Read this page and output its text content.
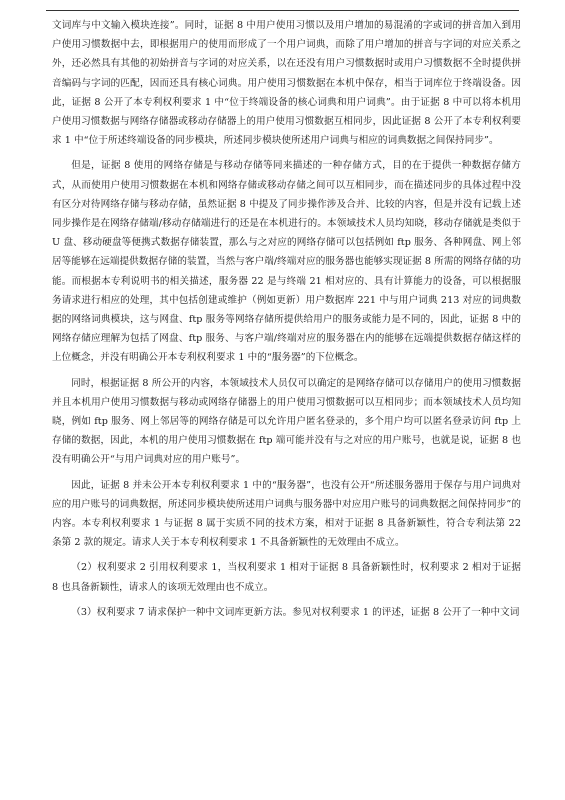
文词库与中文输入模块连接”。同时，证据 8 中用户使用习惯以及用户增加的易混淆的字或词的拼音加入到用户使用习惯数据中去，即根据用户的使用而形成了一个用户词典，而除了用户增加的拼音与字词的对应关系之外，还必然具有其他的初始拼音与字词的对应关系，以在还没有用户习惯数据时或用户习惯数据不全时提供拼音编码与字词的匹配，因而还具有核心词典。用户使用习惯数据在本机中保存，相当于词库位于终端设备。因此，证据 8 公开了本专利权利要求 1 中“位于终端设备的核心词典和用户词典”。由于证据 8 中可以将本机用户使用习惯数据与网络存储器或移动存储器上的用户使用习惯数据互相同步，因此证据 8 公开了本专利权利要求 1 中“位于所述终端设备的同步模块，所述同步模块使所述用户词典与相应的词典数据之间保持同步”。

但是，证据 8 使用的网络存储是与移动存储等同来描述的一种存储方式，目的在于提供一种数据存储方式，从而使用户使用习惯数据在本机和网络存储或移动存储之间可以互相同步，而在描述同步的具体过程中没有区分对待网络存储与移动存储，虽然证据 8 中提及了同步操作涉及合并、比较的内容，但是并没有记载上述同步操作是在网络存储端/移动存储端进行的还是在本机进行的。本领域技术人员均知晓，移动存储就是类似于 U 盘、移动硬盘等便携式数据存储装置，那么与之对应的网络存储可以包括例如 ftp 服务、各种网盘、网上邻居等能够在远端提供数据存储的装置，当然与客户端/终端对应的服务器也能够实现证据 8 所需的网络存储的功能。而根据本专利说明书的相关描述，服务器 22 是与终端 21 相对应的、具有计算能力的设备，可以根据服务请求进行相应的处理，其中包括创建或维护（例如更新）用户数据库 221 中与用户词典 213 对应的词典数据的网络词典模块，这与网盘、ftp 服务等网络存储所提供给用户的服务或能力是不同的，因此，证据 8 中的网络存储应理解为包括了网盘、ftp 服务、与客户端/终端对应的服务器在内的能够在远端提供数据存储这样的上位概念，并没有明确公开本专利权利要求 1 中的“服务器”的下位概念。

同时，根据证据 8 所公开的内容，本领域技术人员仅可以确定的是网络存储可以存储用户的使用习惯数据并且本机用户使用习惯数据与移动或网络存储器上的用户使用习惯数据可以互相同步；而本领域技术人员均知晓，例如 ftp 服务、网上邻居等的网络存储是可以允许用户匿名登录的，多个用户均可以匿名登录访问 ftp 上存储的数据，因此，本机的用户使用习惯数据在 ftp 端可能并没有与之对应的用户账号，也就是说，证据 8 也没有明确公开“与用户词典对应的用户账号”。

因此，证据 8 并未公开本专利权利要求 1 中的“服务器”，也没有公开“所述服务器用于保存与用户词典对应的用户账号的词典数据，所述同步模块使所述用户词典与服务器中对应用户账号的词典数据之间保持同步”的内容。本专利权利要求 1 与证据 8 属于实质不同的技术方案，相对于证据 8 具备新颖性，符合专利法第 22 条第 2 款的规定。请求人关于本专利权利要求 1 不具备新颖性的无效理由不成立。

（2）权利要求 2 引用权利要求 1，当权利要求 1 相对于证据 8 具备新颖性时，权利要求 2 相对于证据 8 也具备新颖性，请求人的该项无效理由也不成立。

（3）权利要求 7 请求保护一种中文词库更新方法。参见对权利要求 1 的评述，证据 8 公开了一种中文词
